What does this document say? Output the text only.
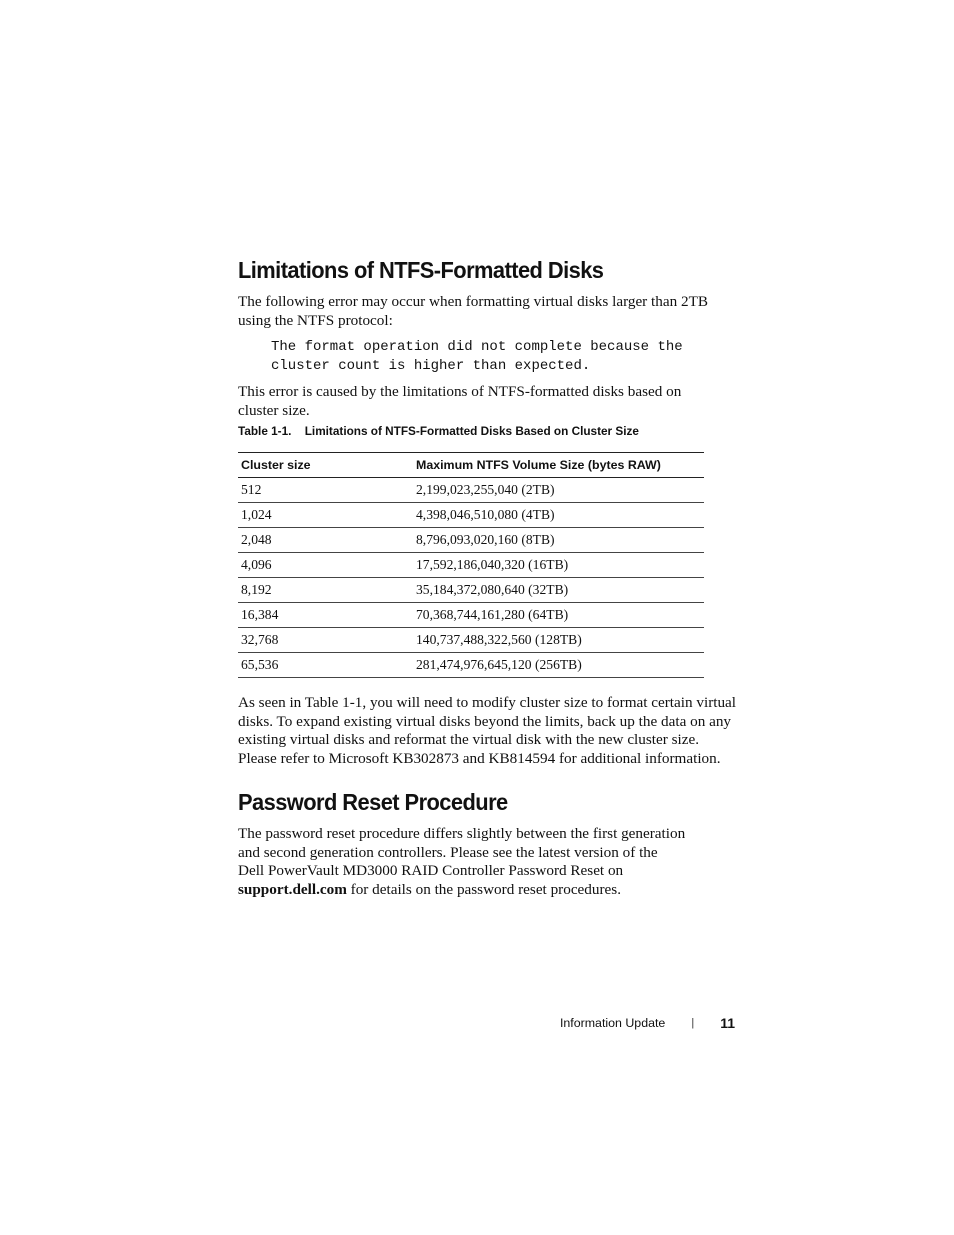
Limitations of NTFS-Formatted Disks
The following error may occur when formatting virtual disks larger than 2TB
using the NTFS protocol:
The format operation did not complete because the
cluster count is higher than expected.
This error is caused by the limitations of NTFS-formatted disks based on
cluster size.
Table 1-1. Limitations of NTFS-Formatted Disks Based on Cluster Size
Cluster size	Maximum NTFS Volume Size (bytes RAW)
512	2,199,023,255,040 (2TB)
1,024	4,398,046,510,080 (4TB)
2,048	8,796,093,020,160 (8TB)
4,096	17,592,186,040,320 (16TB)
8,192	35,184,372,080,640 (32TB)
16,384	70,368,744,161,280 (64TB)
32,768	140,737,488,322,560 (128TB)
65,536	281,474,976,645,120 (256TB)
As seen in Table 1-1, you will need to modify cluster size to format certain virtual
disks. To expand existing virtual disks beyond the limits, back up the data on any
existing virtual disks and reformat the virtual disk with the new cluster size.
Please refer to Microsoft KB302873 and KB814594 for additional information.
Password Reset Procedure
The password reset procedure differs slightly between the first generation
and second generation controllers. Please see the latest version of the
Dell PowerVault MD3000 RAID Controller Password Reset on
support.dell.com for details on the password reset procedures.
Information Update | 11
